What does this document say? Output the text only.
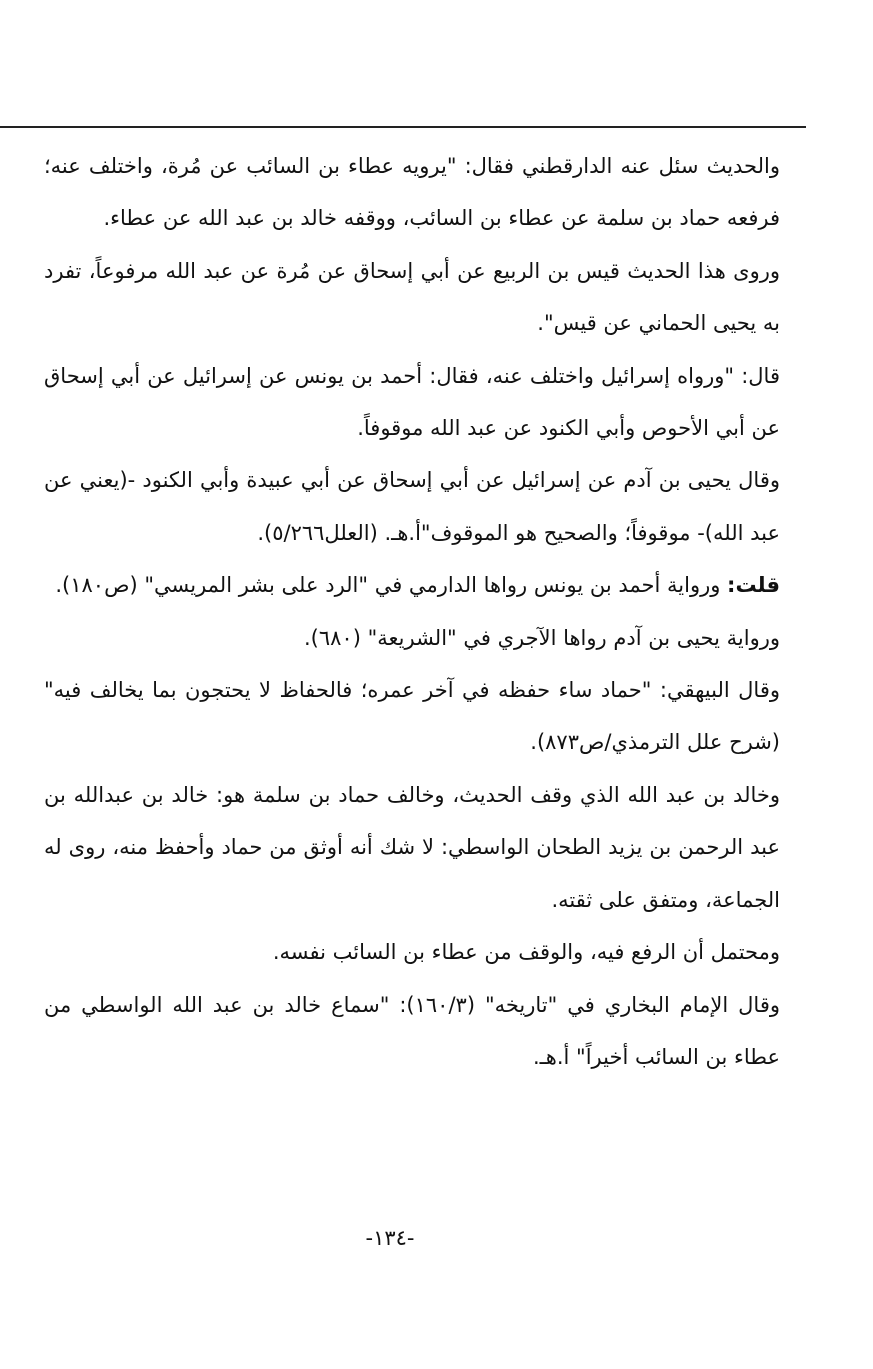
والحديث سئل عنه الدارقطني فقال: "يرويه عطاء بن السائب عن مُرة، واختلف عنه؛ فرفعه حماد بن سلمة عن عطاء بن السائب، ووقفه خالد بن عبد الله عن عطاء.

وروى هذا الحديث قيس بن الربيع عن أبي إسحاق عن مُرة عن عبد الله مرفوعاً، تفرد به يحيى الحماني عن قيس".

قال: "ورواه إسرائيل واختلف عنه، فقال: أحمد بن يونس عن إسرائيل عن أبي إسحاق عن أبي الأحوص وأبي الكنود عن عبد الله موقوفاً.

وقال يحيى بن آدم عن إسرائيل عن أبي إسحاق عن أبي عبيدة وأبي الكنود -(يعني عن عبد الله)- موقوفاً؛ والصحيح هو الموقوف"أ.هـ. (العلل٥/٢٦٦).

قلت: ورواية أحمد بن يونس رواها الدارمي في "الرد على بشر المريسي" (ص١٨٠).

ورواية يحيى بن آدم رواها الآجري في "الشريعة" (٦٨٠).

وقال البيهقي: "حماد ساء حفظه في آخر عمره؛ فالحفاظ لا يحتجون بما يخالف فيه" (شرح علل الترمذي/ص٨٧٣).

وخالد بن عبد الله الذي وقف الحديث، وخالف حماد بن سلمة هو: خالد بن عبدالله بن عبد الرحمن بن يزيد الطحان الواسطي: لا شك أنه أوثق من حماد وأحفظ منه، روى له الجماعة، ومتفق على ثقته.

ومحتمل أن الرفع فيه، والوقف من عطاء بن السائب نفسه.

وقال الإمام البخاري في "تاريخه" (١٦٠/٣): "سماع خالد بن عبد الله الواسطي من عطاء بن السائب أخيراً" أ.هـ.

-١٣٤-
